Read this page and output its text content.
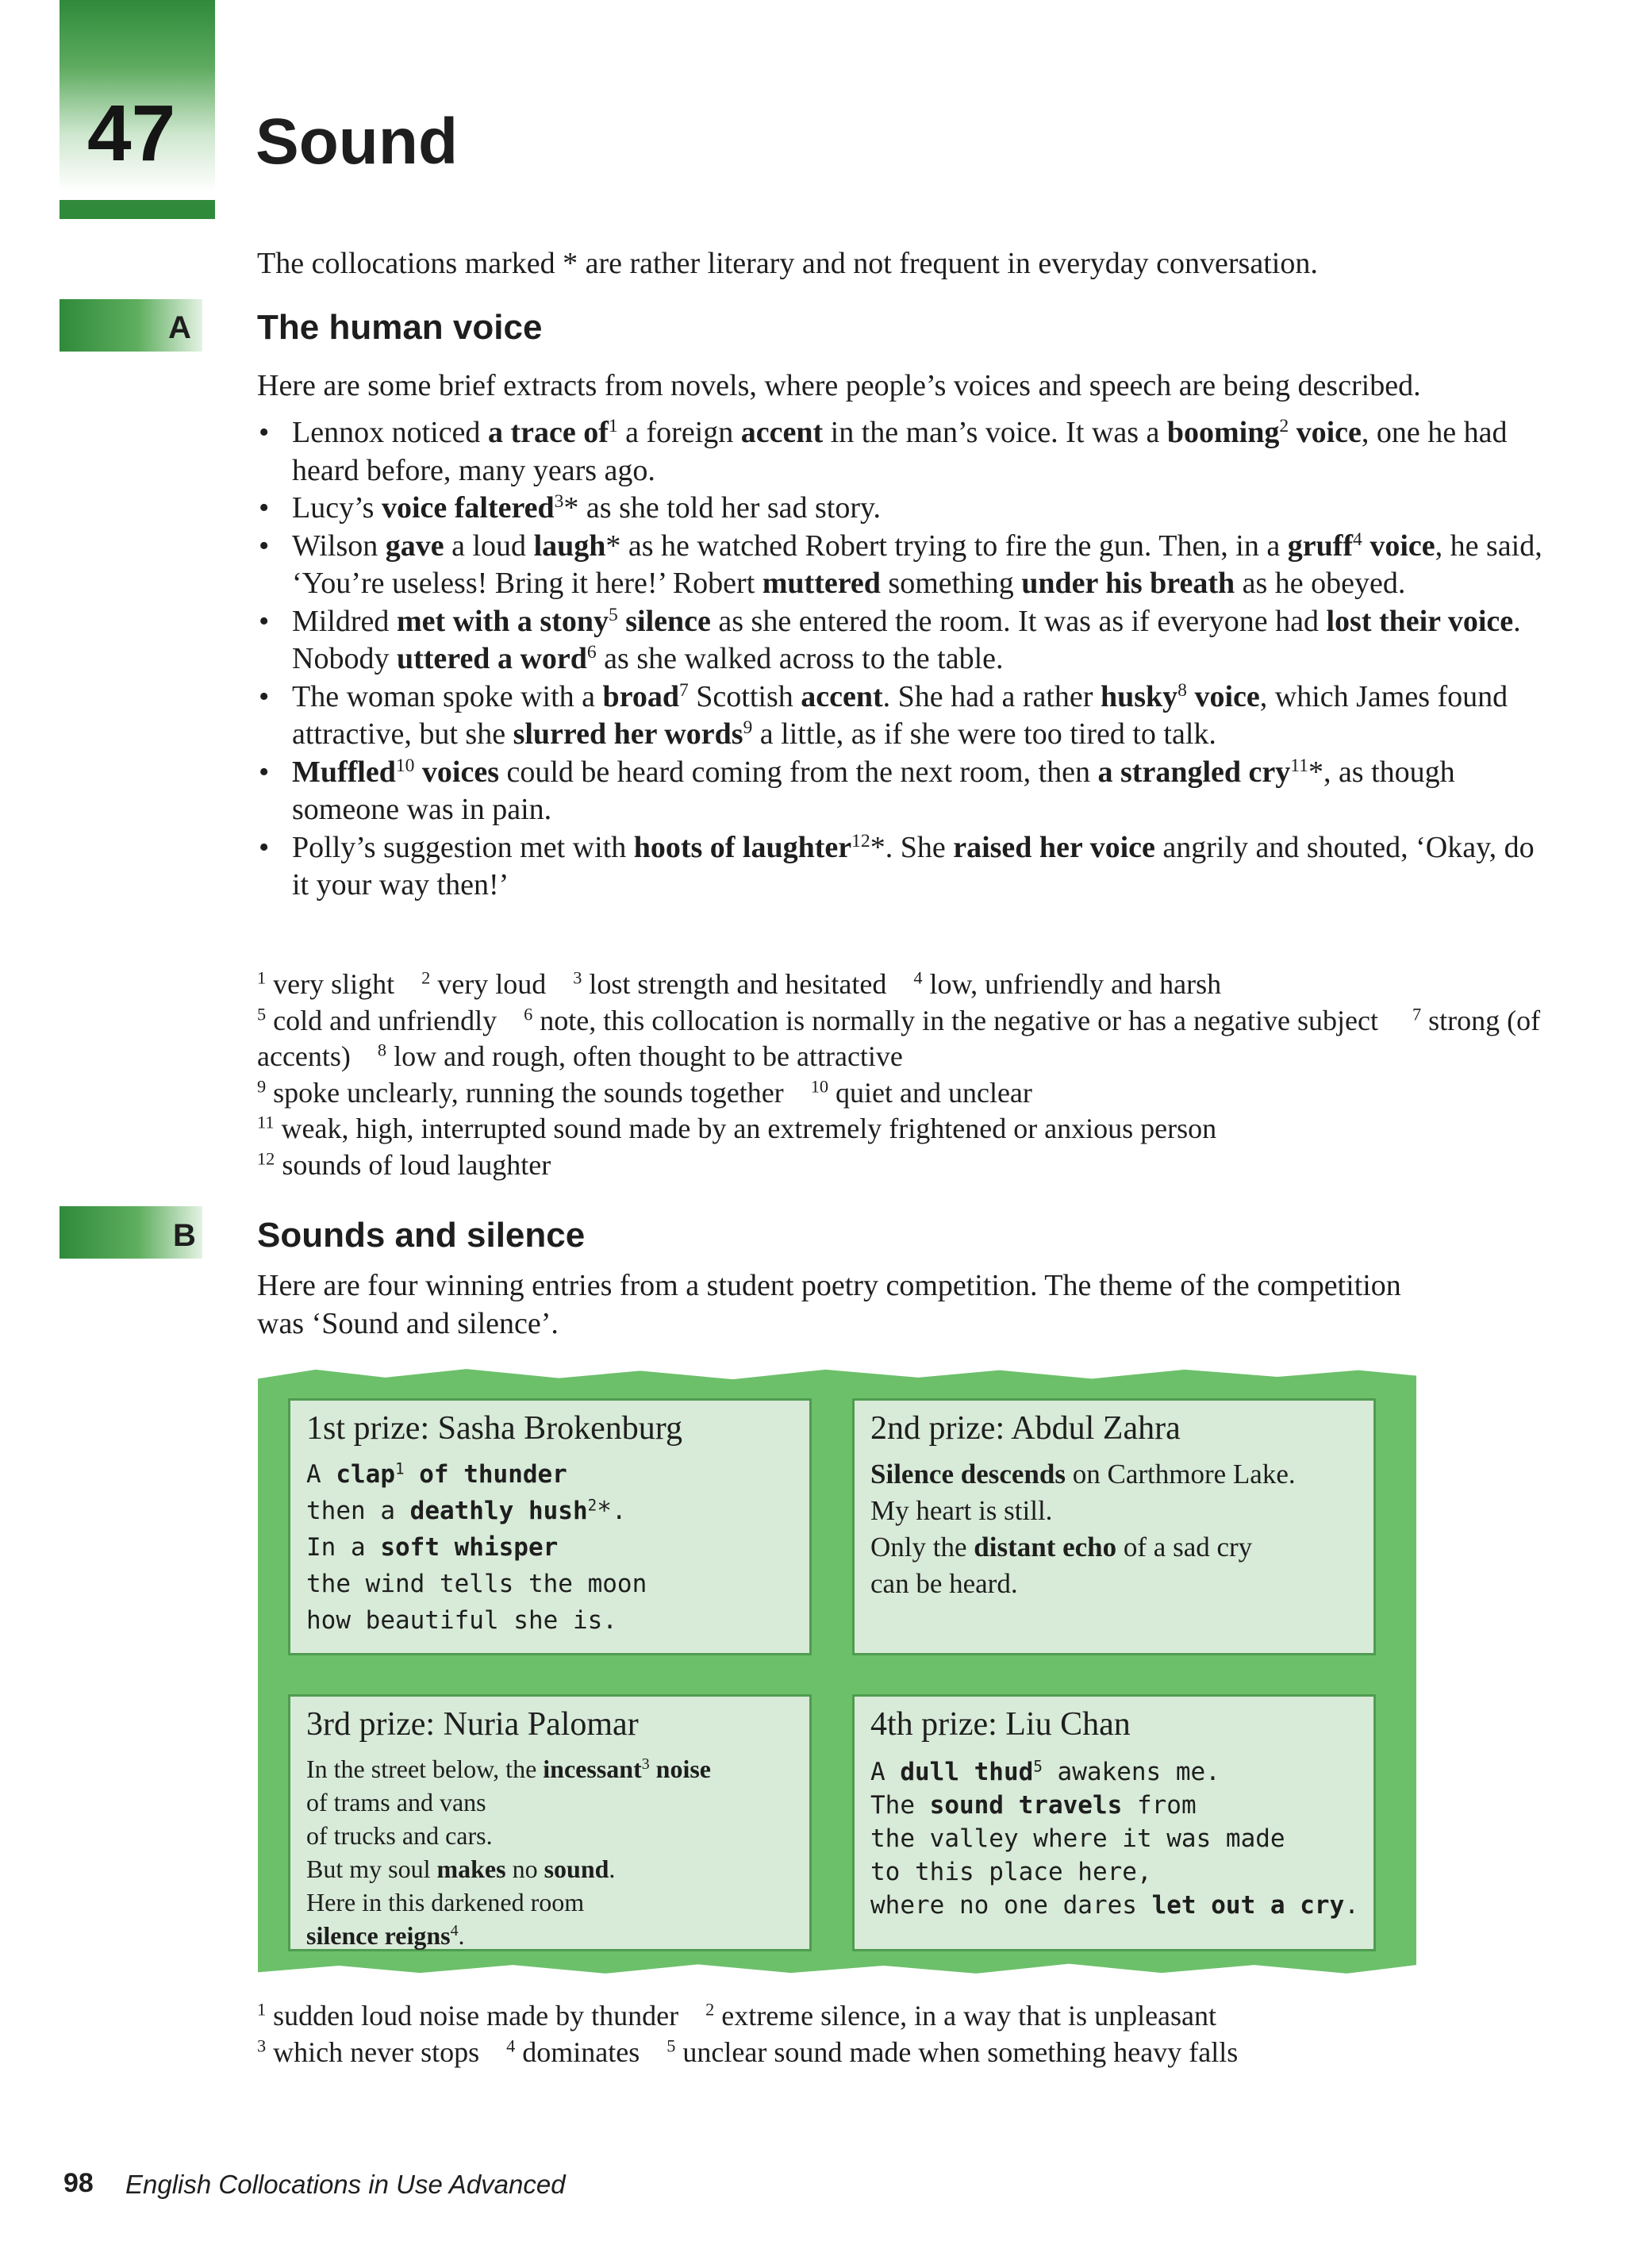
47 Sound

The collocations marked * are rather literary and not frequent in everyday conversation.

A The human voice

Here are some brief extracts from novels, where people’s voices and speech are being described.

• Lennox noticed a trace $of^1$ a foreign accent in the man’s voice. It was a booming$^2$ voice, one he had heard before, many years ago.
• Lucy’s voice faltered$^3$* as she told her sad story.
• Wilson gave a loud laugh* as he watched Robert trying to fire the gun. Then, in a gruff$^4$ voice, he said, ‘You’re useless! Bring it here!’ Robert muttered something under his breath as he obeyed.
• Mildred met with a stony$^5$ silence as she entered the room. It was as if everyone had lost their voice. Nobody uttered a word$^6$ as she walked across to the table.
• The woman spoke with a broad$^7$ Scottish accent. She had a rather husky$^8$ voice, which James found attractive, but she slurred her words$^9$ a little, as if she were too tired to talk.
• Muffled$^{10}$ voices could be heard coming from the next room, then a strangled cry$^{11}$*, as though someone was in pain.
• Polly’s suggestion met with hoots of laughter$^{12}$*. She raised her voice angrily and shouted, ‘Okay, do it your way then!’
$^1$ very slight $^2$ very loud $^3$ lost strength and hesitated $^4$ low, unfriendly and harsh
$^5$ cold and unfriendly $^6$ note, this collocation is normally in the negative or has a negative subject $^7$ strong (of accents) $^8$ low and rough, often thought to be attractive
$^9$ spoke unclearly, running the sounds together $^{10}$ quiet and unclear
$^{11}$ weak, high, interrupted sound made by an extremely frightened or anxious person
$^{12}$ sounds of loud laughter
B Sounds and silence

Here are four winning entries from a student poetry competition. The theme of the competition was ‘Sound and silence’.

1st prize: Sasha Brokenburg
A clap$^1$ of thunder
then a deathly hush$^2$*.
In a soft whisper
the wind tells the moon
how beautiful she is.
2nd prize: Abdul Zahra
Silence descends on Carthmore Lake.
My heart is still.
Only the distant echo of a sad cry
can be heard.
3rd prize: Nuria Palomar
In the street below, the incessant$^3$ noise
of trams and vans
of trucks and cars.
But my soul makes no sound.
Here in this darkened room
silence reigns$^4$.
4th prize: Liu Chan
A dull thud$^5$ awakens me.
The sound travels from
the valley where it was made
to this place here,
where no one dares let out a cry.
$^1$ sudden loud noise made by thunder $^2$ extreme silence, in a way that is unpleasant
$^3$ which never stops $^4$ dominates $^5$ unclear sound made when something heavy falls
98 English Collocations in Use Advanced
